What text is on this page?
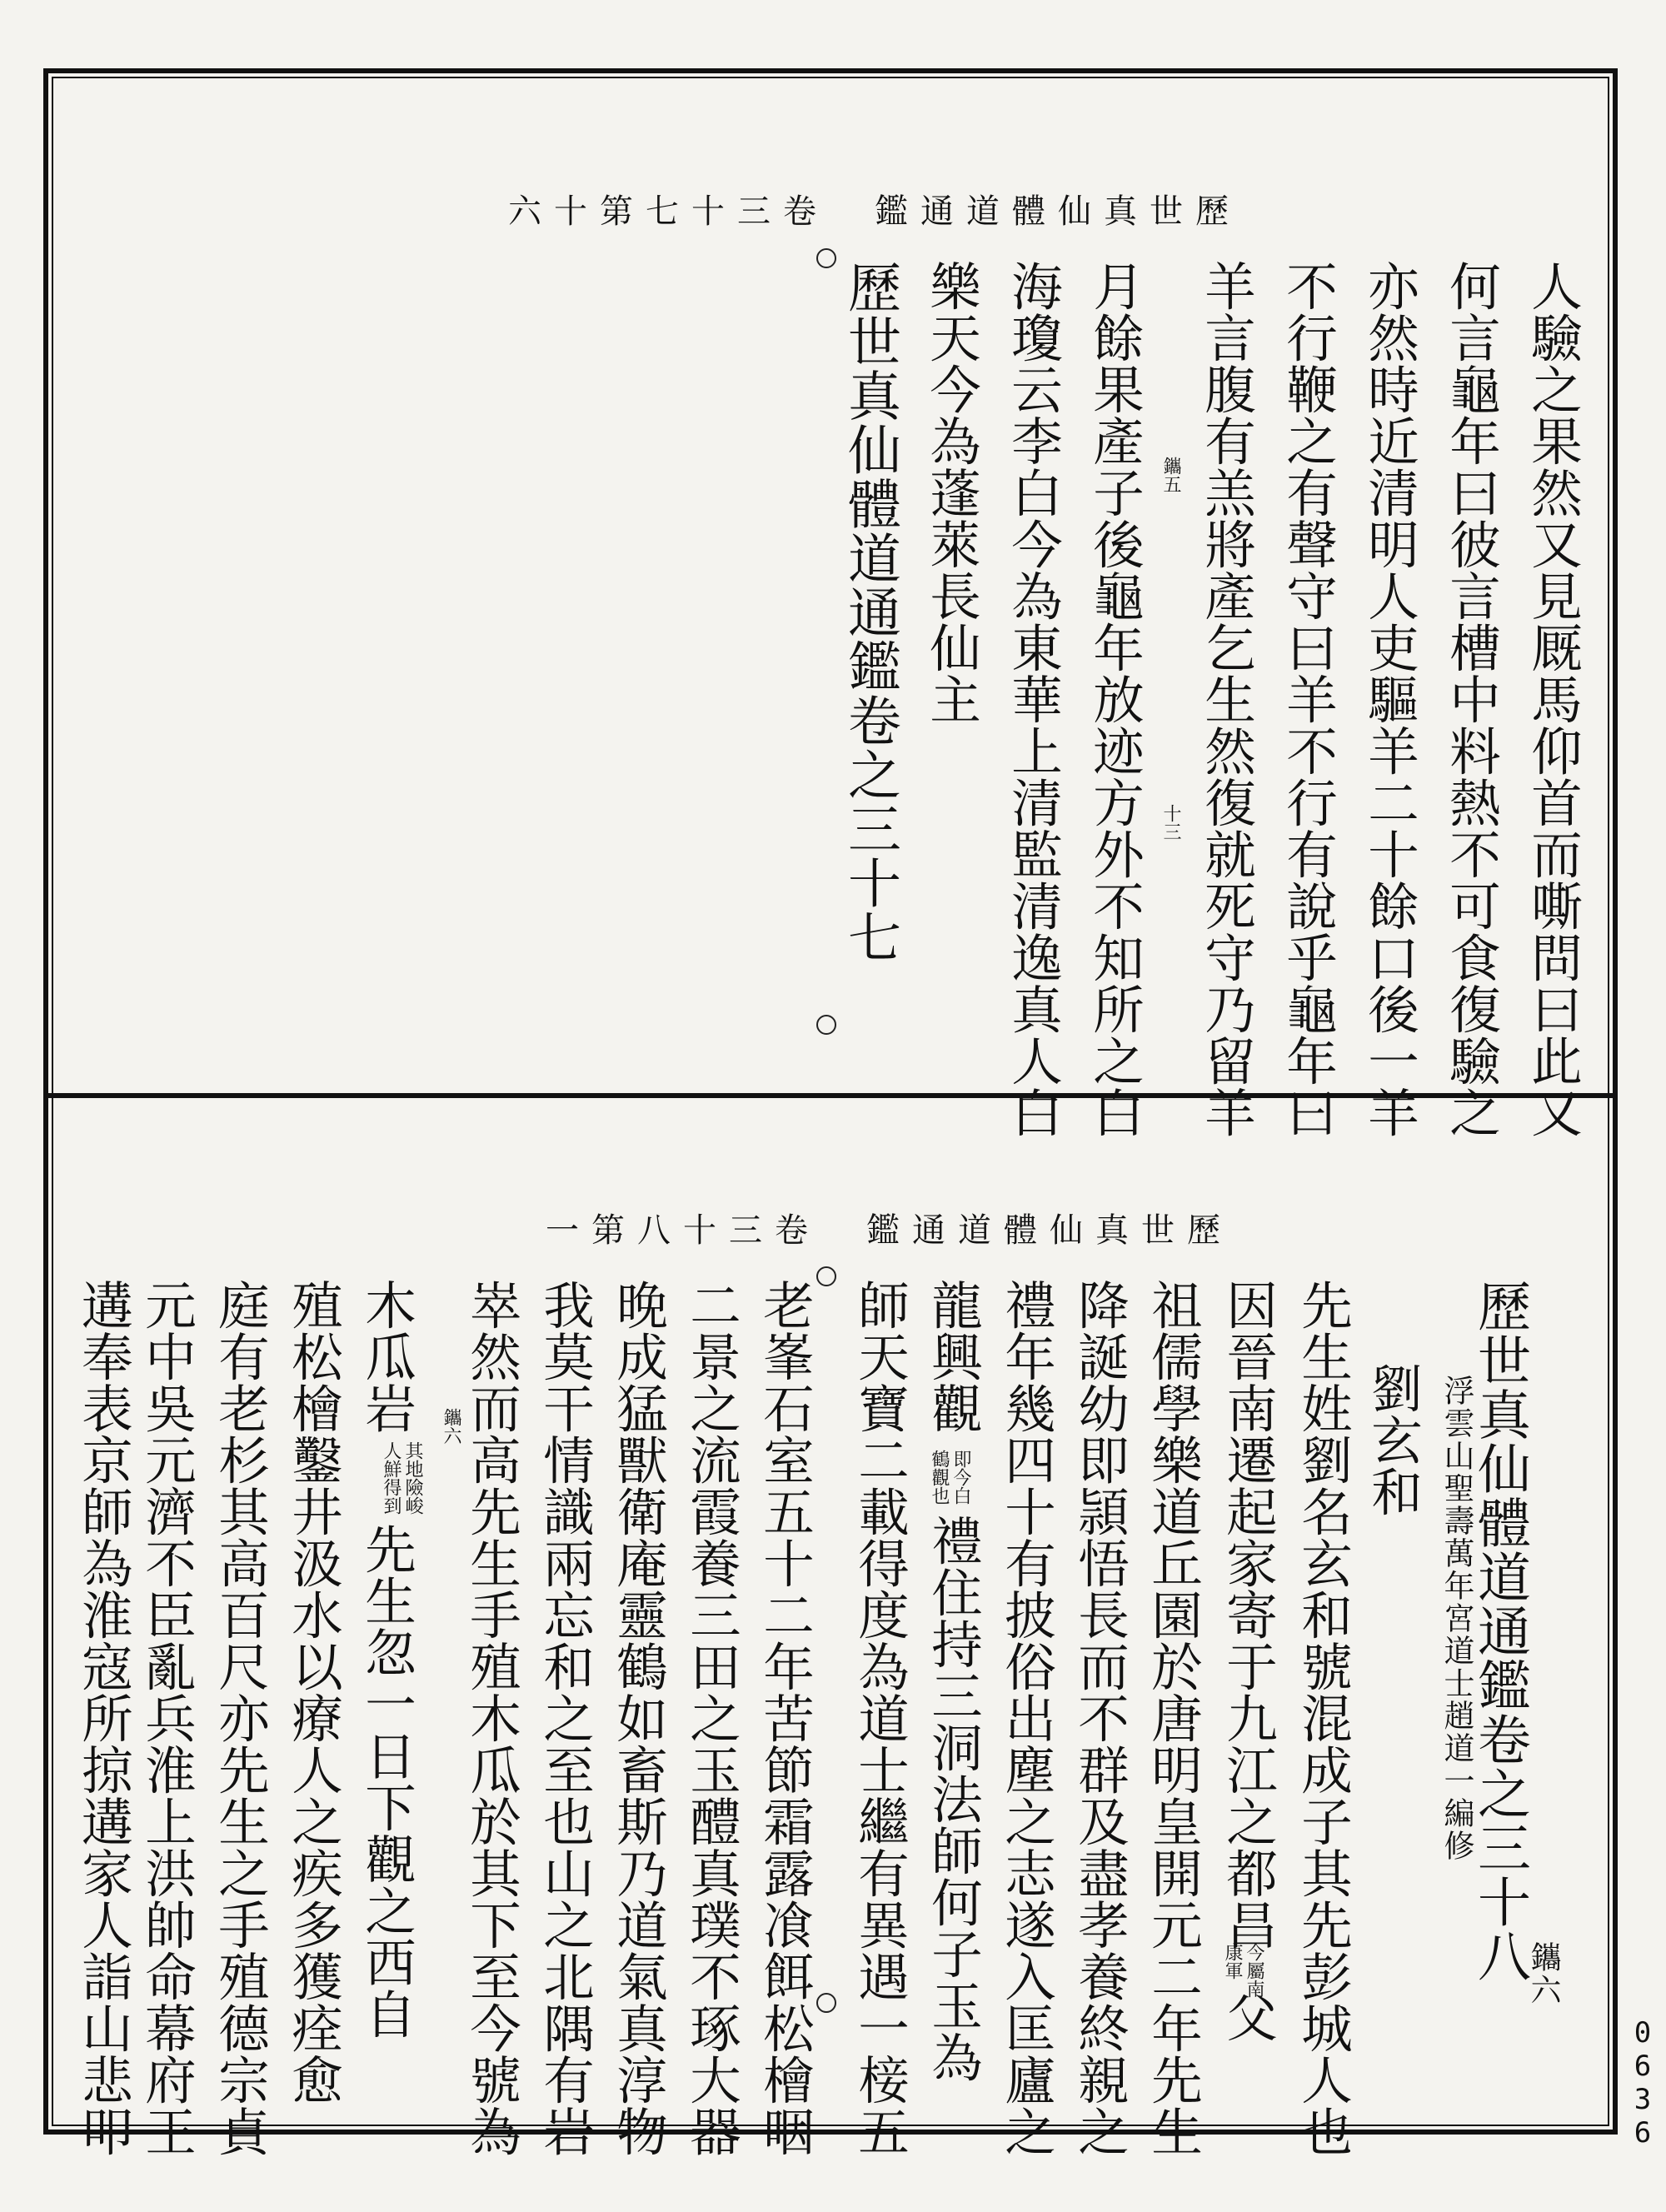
六十第七十三卷　鑑通道體仙真世歷
人驗之果然又見厩馬仰首而嘶問曰此又
何言龜年曰彼言槽中料熱不可食復驗之
亦然時近清明人吏驅羊二十餘口後一羊
不行鞭之有聲守曰羊不行有說乎龜年曰
羊言腹有羔將產乞生然復就死守乃留羊
鑴五
十三
月餘果產子後龜年放迹方外不知所之白
海瓊云李白今為東華上清監清逸真人白
樂天今為蓬萊長仙主
歷世真仙體道通鑑卷之三十七
一第八十三卷　鑑通道體仙真世歷
歷世真仙體道通鑑卷之三十八
鑴六
浮雲山聖壽萬年宮道士趙道一編修
劉玄和
先生姓劉名玄和號混成子其先彭城人也
因晉南遷起家寄于九江之都昌
今屬南
康軍
父
祖儒學樂道丘園於唐明皇開元二年先生
降誕幼即頴悟長而不群及盡孝養終親之
禮年幾四十有披俗出塵之志遂入匡廬之
龍興觀
即今白
鶴觀也
禮住持三洞法師何子玉為
師天寶二載得度為道士繼有異遇一椄五
老峯石室五十二年苦節霜露飡餌松檜咽
二景之流霞養三田之玉醴真璞不琢大器
晚成猛獸衛庵靈鶴如畜斯乃道氣真淳物
我莫干情識兩忘和之至也山之北隅有岩
崒然而高先生手殖木瓜於其下至今號為
木瓜岩
其地險峻
人鮮得到
鑴六
先生忽一日下觀之西自
殖松檜鑿井汲水以療人之疾多獲痊愈
庭有老杉其高百尺亦先生之手殖德宗貞
元中吳元濟不臣亂兵淮上洪帥命幕府王
遘奉表京師為淮寇所掠遘家人詣山悲叩	0636
